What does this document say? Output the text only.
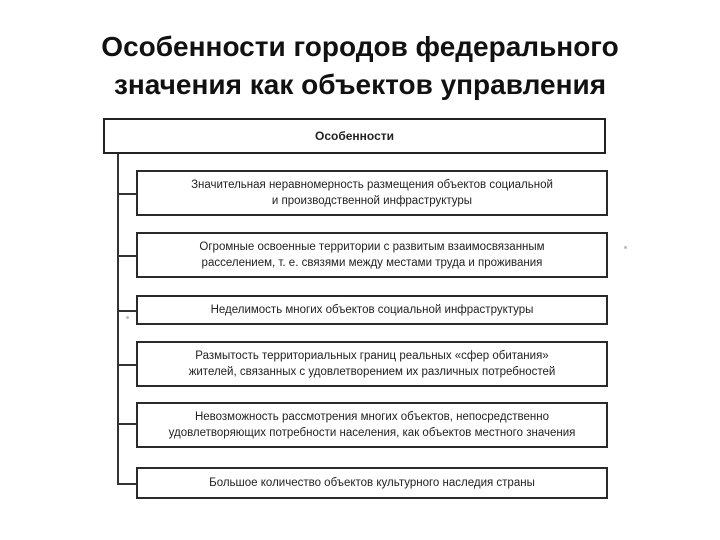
Особенности городов федерального
значения как объектов управления
Особенности
Значительная неравномерность размещения объектов социальной
и производственной инфраструктуры
Огромные освоенные территории с развитым взаимосвязанным
расселением, т. е. связями между местами труда и проживания
Неделимость многих объектов социальной инфраструктуры
Размытость территориальных границ реальных «сфер обитания»
жителей, связанных с удовлетворением их различных потребностей
Невозможность рассмотрения многих объектов, непосредственно
удовлетворяющих потребности населения, как объектов местного значения
Большое количество объектов культурного наследия страны
